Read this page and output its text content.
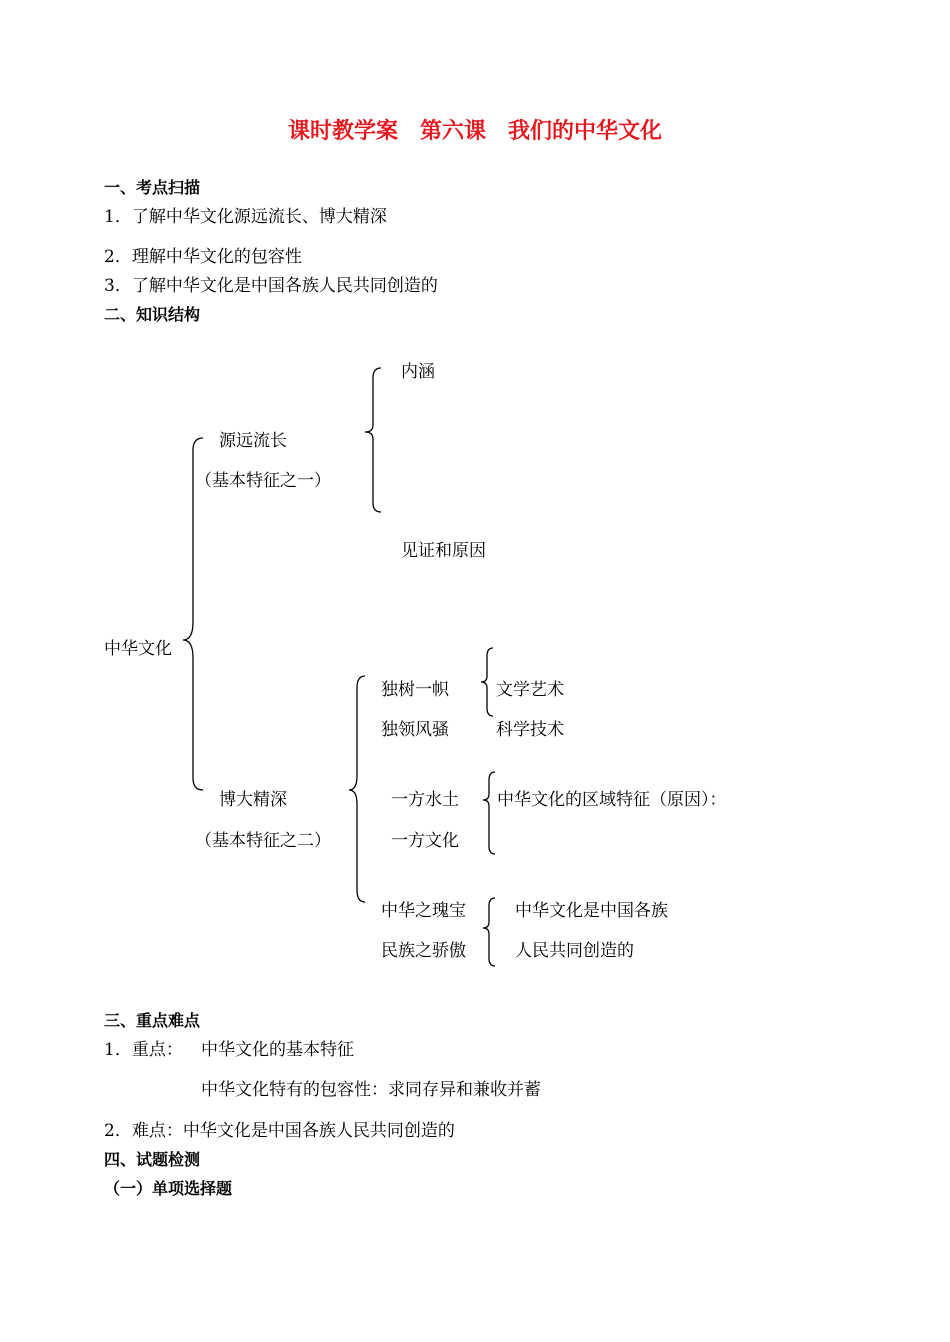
课时教学案　第六课　我们的中华文化
一、考点扫描
1．了解中华文化源远流长、博大精深
2．理解中华文化的包容性
3．了解中华文化是中国各族人民共同创造的
二、知识结构
中华文化
源远流长
（基本特征之一）
内涵
见证和原因
博大精深
（基本特征之二）
独树一帜
独领风骚
文学艺术
科学技术
一方水土
一方文化
中华文化的区域特征（原因）：
中华之瑰宝
民族之骄傲
中华文化是中国各族
人民共同创造的
三、重点难点
1．重点： 中华文化的基本特征
中华文化特有的包容性：求同存异和兼收并蓄
2．难点：中华文化是中国各族人民共同创造的
四、试题检测
（一）单项选择题
